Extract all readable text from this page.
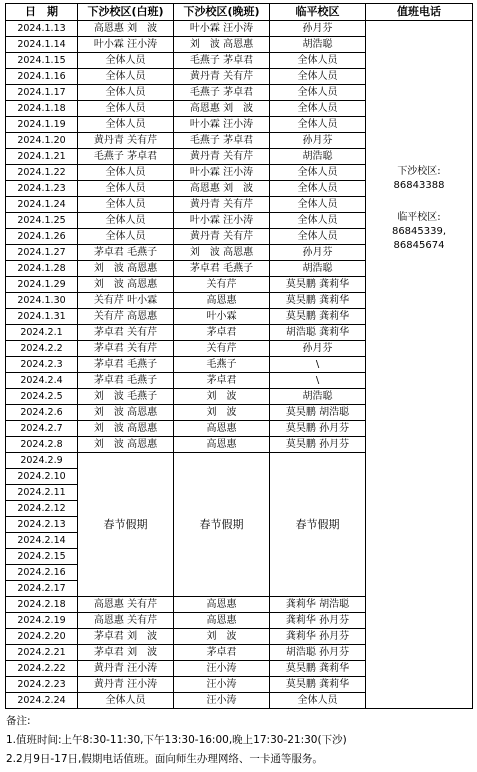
日　期	下沙校区(白班)	下沙校区(晚班)	临平校区	值班电话
2024.1.13	高恩惠 刘　波	叶小霖 汪小涛	孙月芬	下沙校区:
86843388
临平校区:
86845339,
86845674

2024.1.14	叶小霖 汪小涛	刘　波 高恩惠	胡浩聪	
2024.1.15	全体人员	毛燕子 茅卓君	全体人员	
2024.1.16	全体人员	黄丹青 关有芹	全体人员	
2024.1.17	全体人员	毛燕子 茅卓君	全体人员	
2024.1.18	全体人员	高恩惠 刘　波	全体人员	
2024.1.19	全体人员	叶小霖 汪小涛	全体人员	
2024.1.20	黄丹青 关有芹	毛燕子 茅卓君	孙月芬	
2024.1.21	毛燕子 茅卓君	黄丹青 关有芹	胡浩聪	
2024.1.22	全体人员	叶小霖 汪小涛	全体人员	
2024.1.23	全体人员	高恩惠 刘　波	全体人员	
2024.1.24	全体人员	黄丹青 关有芹	全体人员	
2024.1.25	全体人员	叶小霖 汪小涛	全体人员	
2024.1.26	全体人员	黄丹青 关有芹	全体人员	
2024.1.27	茅卓君 毛燕子	刘　波 高恩惠	孙月芬	
2024.1.28	刘　波 高恩惠	茅卓君 毛燕子	胡浩聪	
2024.1.29	刘　波 高恩惠	关有芹	莫昊鹏 龚莉华	
2024.1.30	关有芹 叶小霖	高恩惠	莫昊鹏 龚莉华	
2024.1.31	关有芹 高恩惠	叶小霖	莫昊鹏 龚莉华	
2024.2.1	茅卓君 关有芹	茅卓君	胡浩聪 龚莉华	
2024.2.2	茅卓君 关有芹	关有芹	孙月芬	
2024.2.3	茅卓君 毛燕子	毛燕子	\	
2024.2.4	茅卓君 毛燕子	茅卓君	\	
2024.2.5	刘　波 毛燕子	刘　波	胡浩聪	
2024.2.6	刘　波 高恩惠	刘　波	莫昊鹏 胡浩聪	
2024.2.7	刘　波 高恩惠	高恩惠	莫昊鹏 孙月芬	
2024.2.8	刘　波 高恩惠	高恩惠	莫昊鹏 孙月芬	
2024.2.9	春节假期	春节假期	春节假期	
2024.2.10				
2024.2.11				
2024.2.12				
2024.2.13				
2024.2.14				
2024.2.15				
2024.2.16				
2024.2.17				
2024.2.18	高恩惠 关有芹	高恩惠	龚莉华 胡浩聪	
2024.2.19	高恩惠 关有芹	高恩惠	龚莉华 孙月芬	
2024.2.20	茅卓君 刘　波	刘　波	龚莉华 孙月芬	
2024.2.21	茅卓君 刘　波	茅卓君	胡浩聪 孙月芬	
2024.2.22	黄丹青 汪小涛	汪小涛	莫昊鹏 龚莉华	
2024.2.23	黄丹青 汪小涛	汪小涛	莫昊鹏 龚莉华	
2024.2.24	全体人员	汪小涛	全体人员	
备注:
1.值班时间:上午8:30-11:30,下午13:30-16:00,晚上17:30-21:30(下沙)
2.2月9日-17日,假期电话值班。面向师生办理网络、一卡通等服务。
